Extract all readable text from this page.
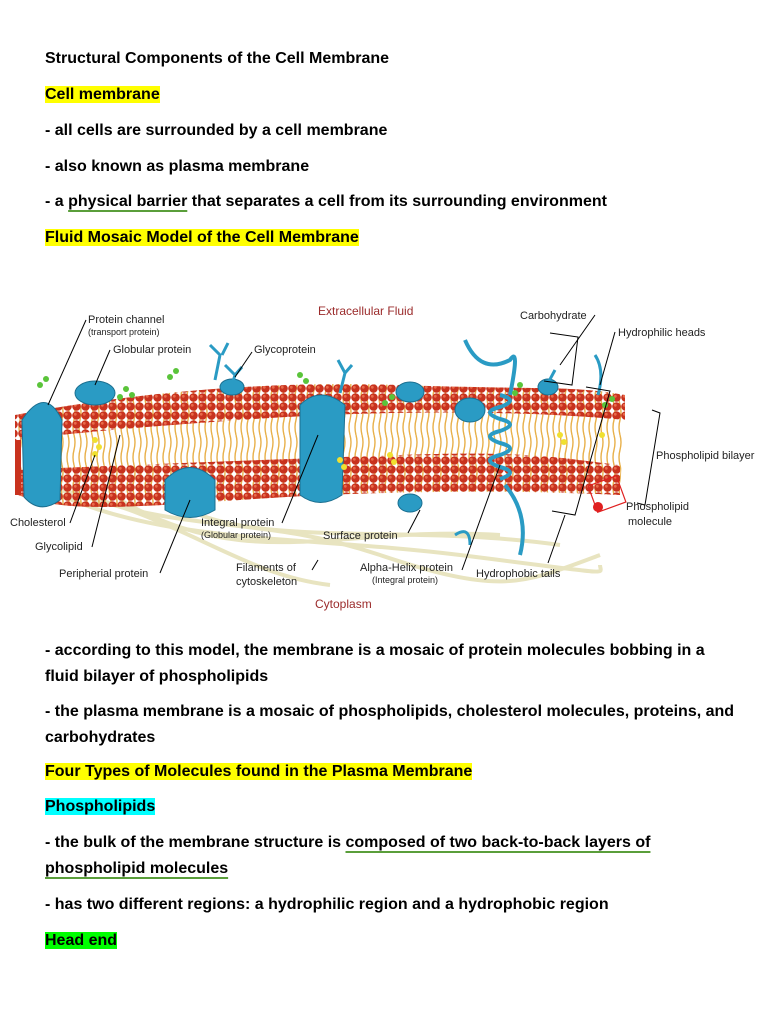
Structural Components of the Cell Membrane
Cell membrane
- all cells are surrounded by a cell membrane
- also known as plasma membrane
- a physical barrier that separates a cell from its surrounding environment
Fluid Mosaic Model of the Cell Membrane
Extracellular Fluid
Protein channel
(transport protein)
Globular protein	Glycoprotein
Carbohydrate
Hydrophilic heads
Phospholipid bilayer
Phospholipid
molecule
Cholesterol
Glycolipid
Peripherial protein
Integral protein
(Globular protein)
Filaments of
cytoskeleton
Surface protein
Alpha-Helix protein
(Integral protein)	Hydrophobic tails
Cytoplasm
- according to this model, the membrane is a mosaic of protein molecules bobbing in a fluid bilayer of phospholipids
- the plasma membrane is a mosaic of phospholipids, cholesterol molecules, proteins, and carbohydrates
Four Types of Molecules found in the Plasma Membrane
Phospholipids
- the bulk of the membrane structure is composed of two back-to-back layers of
phospholipid molecules
- has two different regions: a hydrophilic region and a hydrophobic region
Head end
